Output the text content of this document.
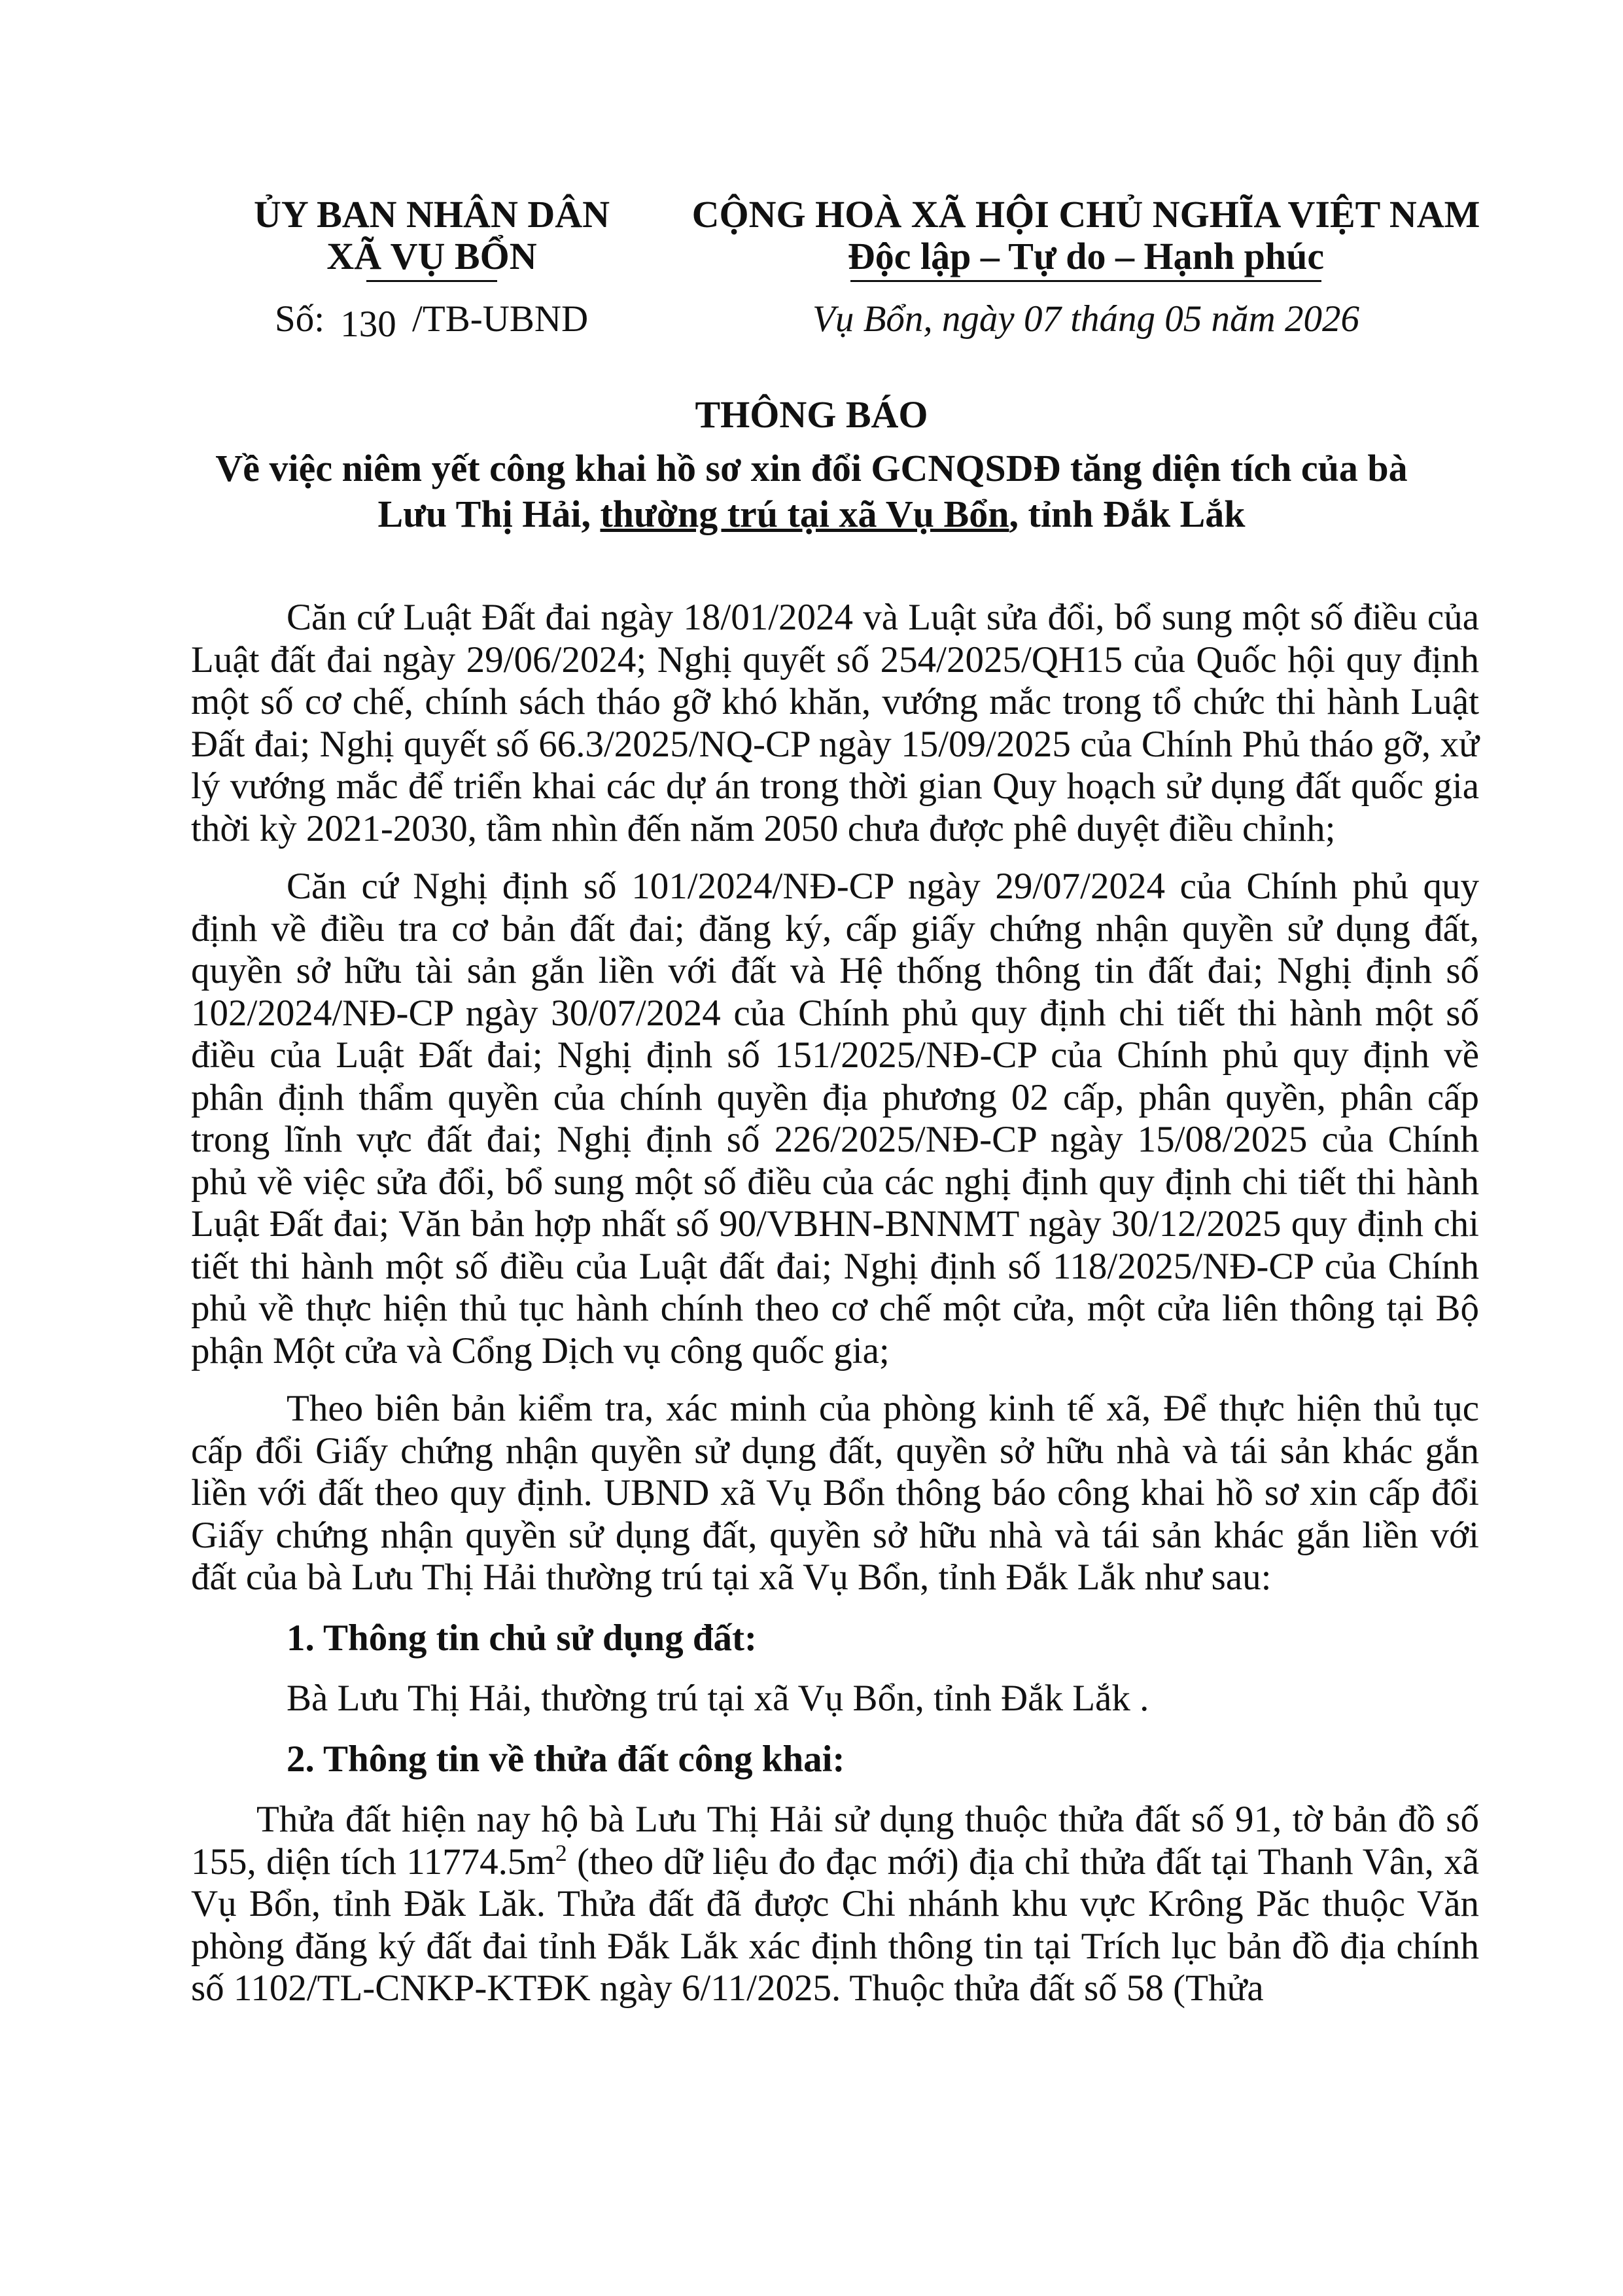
ỦY BAN NHÂN DÂN
XÃ VỤ BỔN
CỘNG HOÀ XÃ HỘI CHỦ NGHĨA VIỆT NAM
Độc lập – Tự do – Hạnh phúc
Số: 130 /TB-UBND	Vụ Bổn, ngày 07 tháng 05 năm 2026
THÔNG BÁO
Về việc niêm yết công khai hồ sơ xin đổi GCNQSDĐ tăng diện tích của bà
Lưu Thị Hải, thường trú tại xã Vụ Bổn, tỉnh Đắk Lắk

Căn cứ Luật Đất đai ngày 18/01/2024 và Luật sửa đổi, bổ sung một số điều của Luật đất đai ngày 29/06/2024; Nghị quyết số 254/2025/QH15 của Quốc hội quy định một số cơ chế, chính sách tháo gỡ khó khăn, vướng mắc trong tổ chức thi hành Luật Đất đai; Nghị quyết số 66.3/2025/NQ-CP ngày 15/09/2025 của Chính Phủ tháo gỡ, xử lý vướng mắc để triển khai các dự án trong thời gian Quy hoạch sử dụng đất quốc gia thời kỳ 2021-2030, tầm nhìn đến năm 2050 chưa được phê duyệt điều chỉnh;

Căn cứ Nghị định số 101/2024/NĐ-CP ngày 29/07/2024 của Chính phủ quy định về điều tra cơ bản đất đai; đăng ký, cấp giấy chứng nhận quyền sử dụng đất, quyền sở hữu tài sản gắn liền với đất và Hệ thống thông tin đất đai; Nghị định số 102/2024/NĐ-CP ngày 30/07/2024 của Chính phủ quy định chi tiết thi hành một số điều của Luật Đất đai; Nghị định số 151/2025/NĐ-CP của Chính phủ quy định về phân định thẩm quyền của chính quyền địa phương 02 cấp, phân quyền, phân cấp trong lĩnh vực đất đai; Nghị định số 226/2025/NĐ-CP ngày 15/08/2025 của Chính phủ về việc sửa đổi, bổ sung một số điều của các nghị định quy định chi tiết thi hành Luật Đất đai; Văn bản hợp nhất số 90/VBHN-BNNMT ngày 30/12/2025 quy định chi tiết thi hành một số điều của Luật đất đai; Nghị định số 118/2025/NĐ-CP của Chính phủ về thực hiện thủ tục hành chính theo cơ chế một cửa, một cửa liên thông tại Bộ phận Một cửa và Cổng Dịch vụ công quốc gia;

Theo biên bản kiểm tra, xác minh của phòng kinh tế xã, Để thực hiện thủ tục cấp đổi Giấy chứng nhận quyền sử dụng đất, quyền sở hữu nhà và tái sản khác gắn liền với đất theo quy định. UBND xã Vụ Bổn thông báo công khai hồ sơ xin cấp đổi Giấy chứng nhận quyền sử dụng đất, quyền sở hữu nhà và tái sản khác gắn liền với đất của bà Lưu Thị Hải thường trú tại xã Vụ Bổn, tỉnh Đắk Lắk như sau:

1. Thông tin chủ sử dụng đất:

Bà Lưu Thị Hải, thường trú tại xã Vụ Bổn, tỉnh Đắk Lắk .

2. Thông tin về thửa đất công khai:

Thửa đất hiện nay hộ bà Lưu Thị Hải sử dụng thuộc thửa đất số 91, tờ bản đồ số 155, diện tích $11774.5m^2$ (theo dữ liệu đo đạc mới) địa chỉ thửa đất tại Thanh Vân, xã Vụ Bổn, tỉnh Đăk Lăk. Thửa đất đã được Chi nhánh khu vực Krông Păc thuộc Văn phòng đăng ký đất đai tỉnh Đắk Lắk xác định thông tin tại Trích lục bản đồ địa chính số 1102/TL-CNKP-KTĐK ngày 6/11/2025. Thuộc thửa đất số 58 (Thửa
